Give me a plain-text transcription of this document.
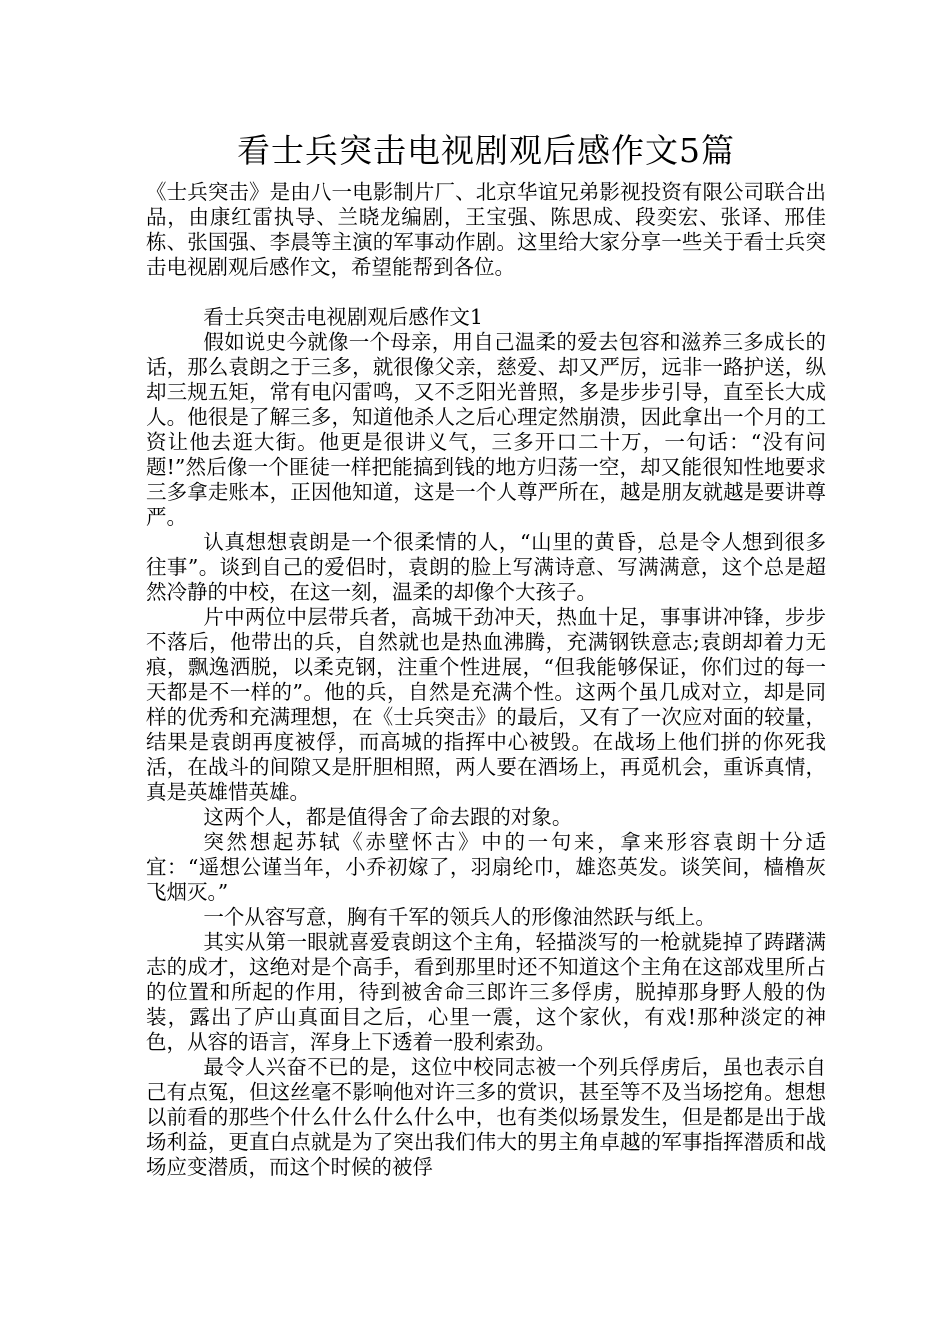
看士兵突击电视剧观后感作文5篇

《士兵突击》是由八一电影制片厂、北京华谊兄弟影视投资有限公司联合出品，由康红雷执导、兰晓龙编剧，王宝强、陈思成、段奕宏、张译、邢佳栋、张国强、李晨等主演的军事动作剧。这里给大家分享一些关于看士兵突击电视剧观后感作文，希望能帮到各位。

看士兵突击电视剧观后感作文1

假如说史今就像一个母亲，用自己温柔的爱去包容和滋养三多成长的话，那么袁朗之于三多，就很像父亲，慈爱、却又严厉，远非一路护送，纵却三规五矩，常有电闪雷鸣，又不乏阳光普照，多是步步引导，直至长大成人。他很是了解三多，知道他杀人之后心理定然崩溃，因此拿出一个月的工资让他去逛大街。他更是很讲义气，三多开口二十万，一句话：“没有问题!”然后像一个匪徒一样把能搞到钱的地方归荡一空，却又能很知性地要求三多拿走账本，正因他知道，这是一个人尊严所在，越是朋友就越是要讲尊严。

认真想想袁朗是一个很柔情的人，“山里的黄昏，总是令人想到很多往事”。谈到自己的爱侣时，袁朗的脸上写满诗意、写满满意，这个总是超然冷静的中校，在这一刻，温柔的却像个大孩子。

片中两位中层带兵者，高城干劲冲天，热血十足，事事讲冲锋，步步不落后，他带出的兵，自然就也是热血沸腾，充满钢铁意志;袁朗却着力无痕，飘逸洒脱，以柔克钢，注重个性进展，“但我能够保证，你们过的每一天都是不一样的”。他的兵，自然是充满个性。这两个虽几成对立，却是同样的优秀和充满理想，在《士兵突击》的最后，又有了一次应对面的较量，结果是袁朗再度被俘，而高城的指挥中心被毁。在战场上他们拼的你死我活，在战斗的间隙又是肝胆相照，两人要在酒场上，再觅机会，重诉真情，真是英雄惜英雄。

这两个人，都是值得舍了命去跟的对象。

突然想起苏轼《赤壁怀古》中的一句来，拿来形容袁朗十分适宜：“遥想公谨当年，小乔初嫁了，羽扇纶巾，雄恣英发。谈笑间，樯橹灰飞烟灭。”

一个从容写意，胸有千军的领兵人的形像油然跃与纸上。

其实从第一眼就喜爱袁朗这个主角，轻描淡写的一枪就毙掉了踌躇满志的成才，这绝对是个高手，看到那里时还不知道这个主角在这部戏里所占的位置和所起的作用，待到被舍命三郎许三多俘虏，脱掉那身野人般的伪装，露出了庐山真面目之后，心里一震，这个家伙，有戏!那种淡定的神色，从容的语言，浑身上下透着一股利索劲。

最令人兴奋不已的是，这位中校同志被一个列兵俘虏后，虽也表示自己有点冤，但这丝毫不影响他对许三多的赏识，甚至等不及当场挖角。想想以前看的那些个什么什么什么什么中，也有类似场景发生，但是都是出于战场利益，更直白点就是为了突出我们伟大的男主角卓越的军事指挥潜质和战场应变潜质，而这个时候的被俘
